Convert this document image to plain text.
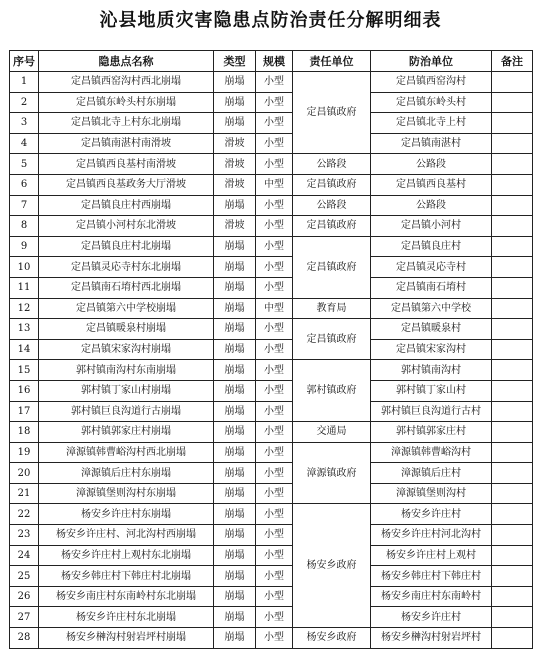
沁县地质灾害隐患点防治责任分解明细表
序号	隐患点名称	类型	规模	责任单位	防治单位	备注
1	定昌镇西窑沟村西北崩塌	崩塌	小型	定昌镇政府	定昌镇西窑沟村	
2	定昌镇东岭头村东崩塌	崩塌	小型		定昌镇东岭头村	
3	定昌镇北寺上村东北崩塌	崩塌	小型		定昌镇北寺上村	
4	定昌镇南湛村南滑坡	滑坡	小型		定昌镇南湛村	
5	定昌镇西良基村南滑坡	滑坡	小型	公路段	公路段	
6	定昌镇西良基政务大厅滑坡	滑坡	中型	定昌镇政府	定昌镇西良基村	
7	定昌镇良庄村西崩塌	崩塌	小型	公路段	公路段	
8	定昌镇小河村东北滑坡	滑坡	小型	定昌镇政府	定昌镇小河村	
9	定昌镇良庄村北崩塌	崩塌	小型	定昌镇政府	定昌镇良庄村	
10	定昌镇灵応寺村东北崩塌	崩塌	小型		定昌镇灵応寺村	
11	定昌镇南石堉村西北崩塌	崩塌	小型		定昌镇南石堉村	
12	定昌镇第六中学校崩塌	崩塌	中型	教育局	定昌镇第六中学校	
13	定昌镇暖泉村崩塌	崩塌	小型	定昌镇政府	定昌镇暖泉村	
14	定昌镇宋家沟村崩塌	崩塌	小型		定昌镇宋家沟村	
15	郭村镇南沟村东南崩塌	崩塌	小型	郭村镇政府	郭村镇南沟村	
16	郭村镇丁家山村崩塌	崩塌	小型		郭村镇丁家山村	
17	郭村镇巨良沟道行古崩塌	崩塌	小型		郭村镇巨良沟道行古村	
18	郭村镇郭家庄村崩塌	崩塌	小型	交通局	郭村镇郭家庄村	
19	漳源镇韩曹峪沟村西北崩塌	崩塌	小型	漳源镇政府	漳源镇韩曹峪沟村	
20	漳源镇后庄村东崩塌	崩塌	小型		漳源镇后庄村	
21	漳源镇堡则沟村东崩塌	崩塌	小型		漳源镇堡则沟村	
22	杨安乡许庄村东崩塌	崩塌	小型	杨安乡政府	杨安乡许庄村	
23	杨安乡许庄村、河北沟村西崩塌	崩塌	小型		杨安乡许庄村河北沟村	
24	杨安乡许庄村上观村东北崩塌	崩塌	小型		杨安乡许庄村上观村	
25	杨安乡韩庄村下韩庄村北崩塌	崩塌	小型		杨安乡韩庄村下韩庄村	
26	杨安乡南庄村东南岭村东北崩塌	崩塌	小型		杨安乡南庄村东南岭村	
27	杨安乡许庄村东北崩塌	崩塌	小型		杨安乡许庄村	
28	杨安乡榊沟村射岩坪村崩塌	崩塌	小型	杨安乡政府	杨安乡榊沟村射岩坪村	
